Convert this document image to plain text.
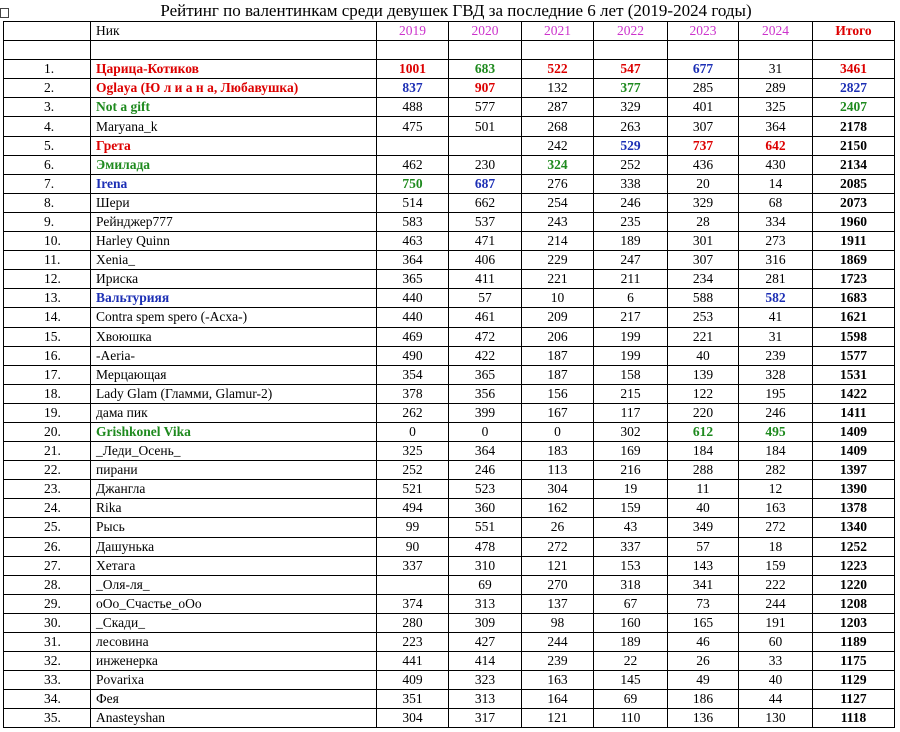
Рейтинг по валентинкам среди девушек ГВД за последние 6 лет (2019-2024 годы)
	Ник	2019	2020	2021	2022	2023	2024	Итого

1.	Царица-Котиков	1001	683	522	547	677	31	3461
2.	Oglaya (Ю л и а н а, Любавушка)	837	907	132	377	285	289	2827
3.	Not a gift	488	577	287	329	401	325	2407
4.	Maryana_k	475	501	268	263	307	364	2178
5.	Грета			242	529	737	642	2150
6.	Эмилада	462	230	324	252	436	430	2134
7.	Irena	750	687	276	338	20	14	2085
8.	Шери	514	662	254	246	329	68	2073
9.	Рейнджер777	583	537	243	235	28	334	1960
10.	Harley Quinn	463	471	214	189	301	273	1911
11.	Xenia_	364	406	229	247	307	316	1869
12.	Ириска	365	411	221	211	234	281	1723
13.	Вальтурияя	440	57	10	6	588	582	1683
14.	Contra spem spero (-Acxa-)	440	461	209	217	253	41	1621
15.	Хвоюшка	469	472	206	199	221	31	1598
16.	-Aeria-	490	422	187	199	40	239	1577
17.	Мерцающая	354	365	187	158	139	328	1531
18.	Lady Glam (Гламми, Glamur-2)	378	356	156	215	122	195	1422
19.	дама пик	262	399	167	117	220	246	1411
20.	Grishkonel Vika	0	0	0	302	612	495	1409
21.	_Леди_Осень_	325	364	183	169	184	184	1409
22.	пирани	252	246	113	216	288	282	1397
23.	Джангла	521	523	304	19	11	12	1390
24.	Rika	494	360	162	159	40	163	1378
25.	Рысь	99	551	26	43	349	272	1340
26.	Дашунька	90	478	272	337	57	18	1252
27.	Хетага	337	310	121	153	143	159	1223
28.	_Оля-ля_		69	270	318	341	222	1220
29.	оОо_Счастье_оОо	374	313	137	67	73	244	1208
30.	_Скади_	280	309	98	160	165	191	1203
31.	лесовина	223	427	244	189	46	60	1189
32.	инженерка	441	414	239	22	26	33	1175
33.	Povarixa	409	323	163	145	49	40	1129
34.	Фея	351	313	164	69	186	44	1127
35.	Anasteyshan	304	317	121	110	136	130	1118
